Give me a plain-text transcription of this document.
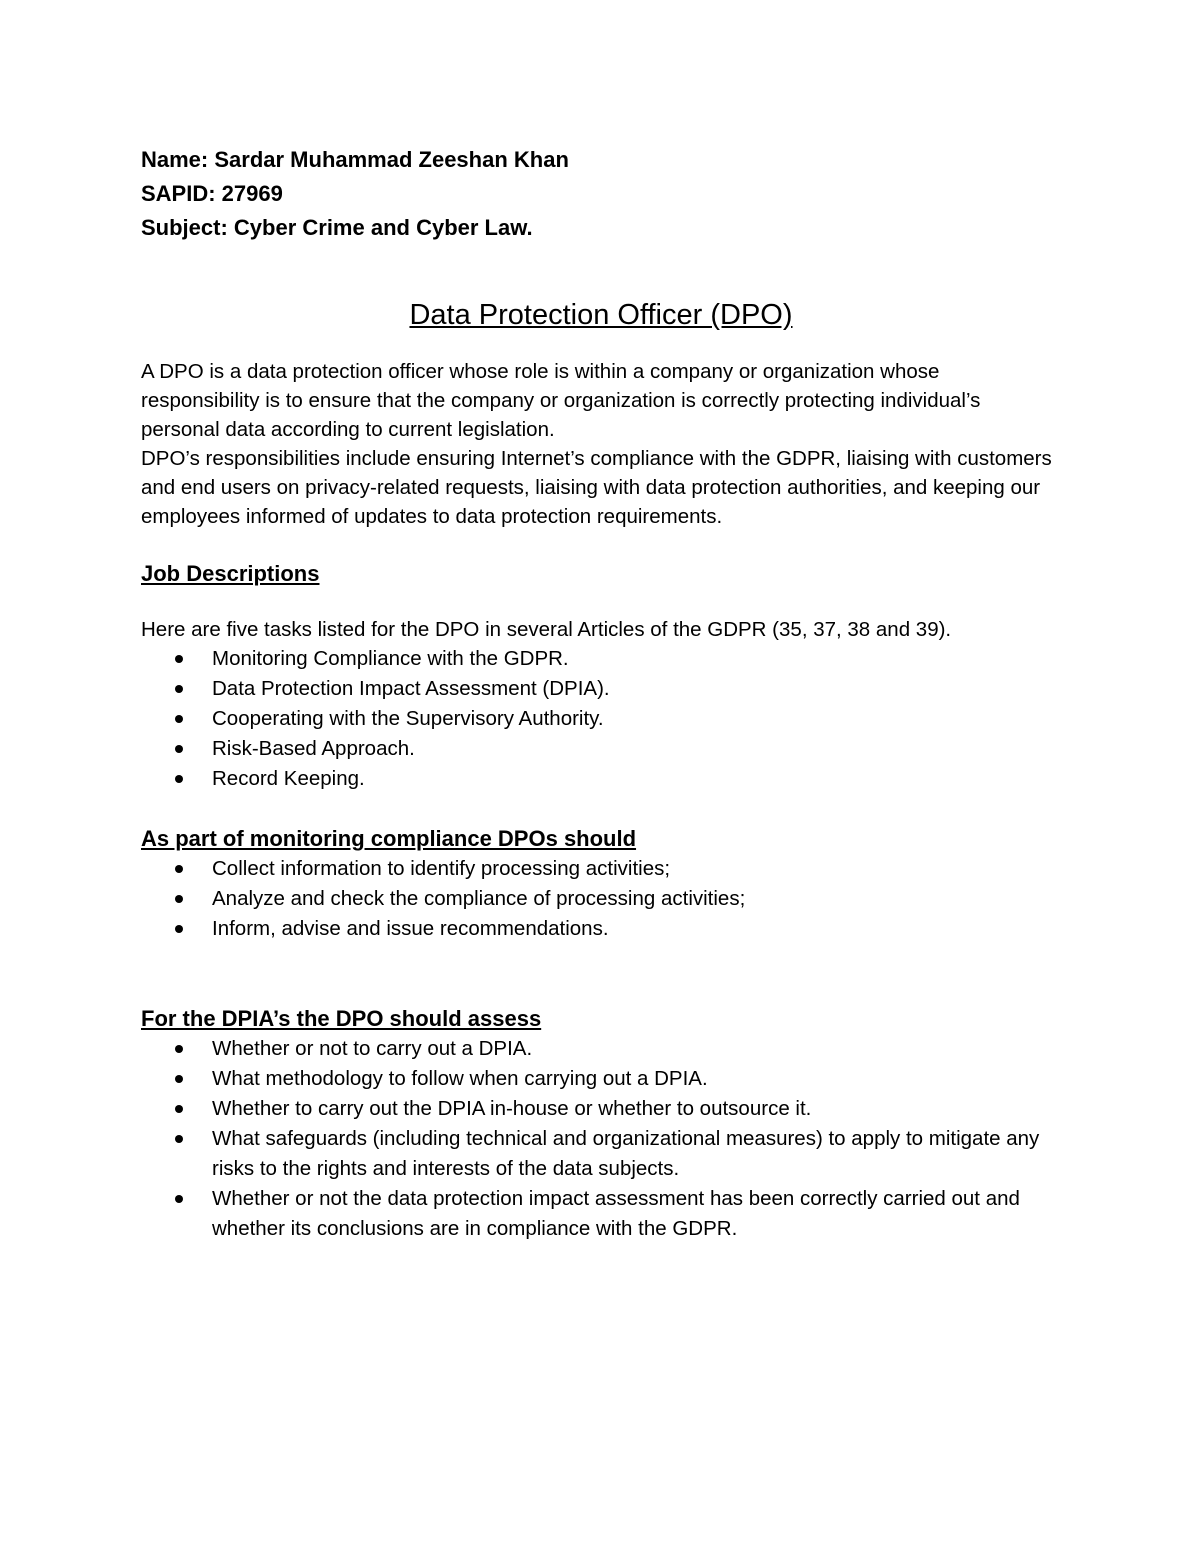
Name: Sardar Muhammad Zeeshan Khan

SAPID: 27969

Subject: Cyber Crime and Cyber Law.

Data Protection Officer (DPO)

A DPO is a data protection officer whose role is within a company or organization whose responsibility is to ensure that the company or organization is correctly protecting individual’s personal data according to current legislation.

DPO’s responsibilities include ensuring Internet’s compliance with the GDPR, liaising with customers and end users on privacy-related requests, liaising with data protection authorities, and keeping our employees informed of updates to data protection requirements.

Job Descriptions

Here are five tasks listed for the DPO in several Articles of the GDPR (35, 37, 38 and 39).

Monitoring Compliance with the GDPR.
Data Protection Impact Assessment (DPIA).
Cooperating with the Supervisory Authority.
Risk-Based Approach.
Record Keeping.
As part of monitoring compliance DPOs should
Collect information to identify processing activities;
Analyze and check the compliance of processing activities;
Inform, advise and issue recommendations.
For the DPIA’s the DPO should assess
Whether or not to carry out a DPIA.
What methodology to follow when carrying out a DPIA.
Whether to carry out the DPIA in-house or whether to outsource it.
What safeguards (including technical and organizational measures) to apply to mitigate any risks to the rights and interests of the data subjects.
Whether or not the data protection impact assessment has been correctly carried out and whether its conclusions are in compliance with the GDPR.
